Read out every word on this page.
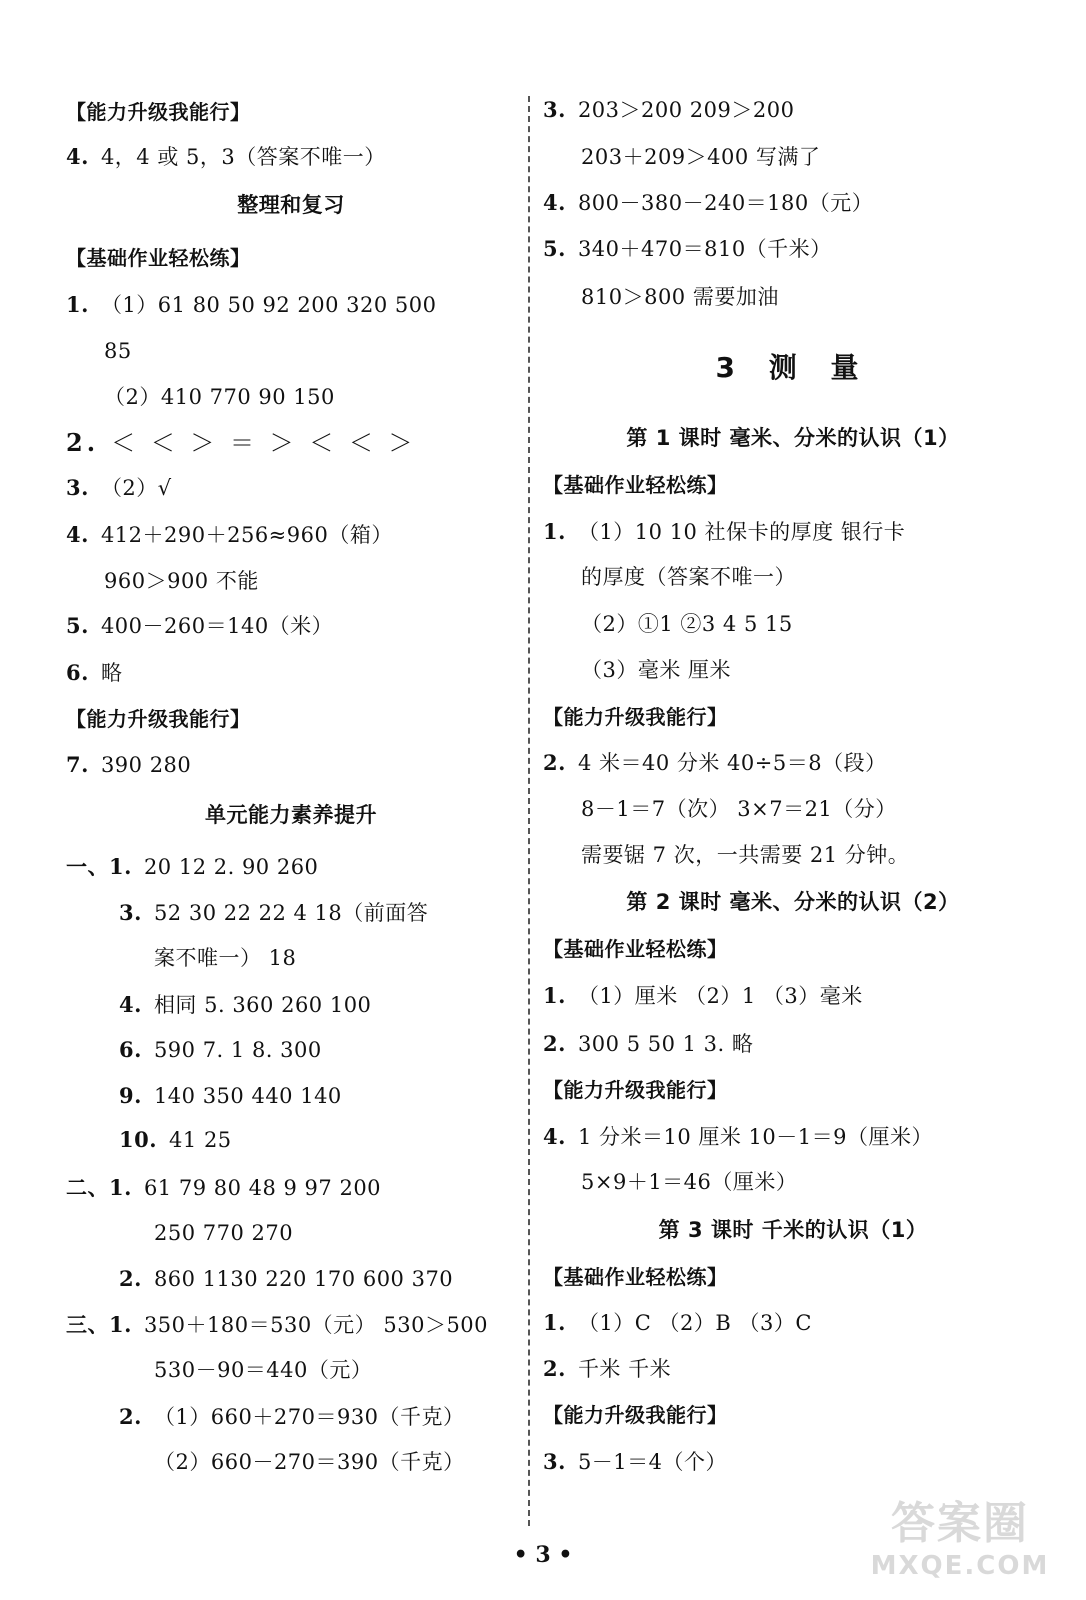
【能力升级我能行】
4. 4，4 或 5，3（答案不唯一）
整理和复习
【基础作业轻松练】
1. （1）61 80 50 92 200 320 500
85
（2）410 770 90 150
2. ＜ ＜ ＞ ＝ ＞ ＜ ＜ ＞
3. （2）√
4. 412＋290＋256≈960（箱）
960＞900 不能
5. 400－260＝140（米）
6. 略
【能力升级我能行】
7. 390 280
单元能力素养提升
一、1. 20 12 2. 90 260
3. 52 30 22 22 4 18（前面答
案不唯一） 18
4. 相同 5. 360 260 100
6. 590 7. 1 8. 300
9. 140 350 440 140
10. 41 25
二、1. 61 79 80 48 9 97 200
250 770 270
2. 860 1130 220 170 600 370
三、1. 350＋180＝530（元） 530＞500
530－90＝440（元）
2. （1）660＋270＝930（千克）
（2）660－270＝390（千克）
3. 203＞200 209＞200
203＋209＞400 写满了
4. 800－380－240＝180（元）
5. 340＋470＝810（千米）
810＞800 需要加油
3 测 量
第 1 课时 毫米、分米的认识（1）
【基础作业轻松练】
1. （1）10 10 社保卡的厚度 银行卡
的厚度（答案不唯一）
（2）①1 ②3 4 5 15
（3）毫米 厘米
【能力升级我能行】
2. 4 米＝40 分米 40÷5＝8（段）
8－1＝7（次） 3×7＝21（分）
需要锯 7 次，一共需要 21 分钟。
第 2 课时 毫米、分米的认识（2）
【基础作业轻松练】
1. （1）厘米 （2）1 （3）毫米
2. 300 5 50 1 3. 略
【能力升级我能行】
4. 1 分米＝10 厘米 10－1＝9（厘米）
5×9＋1＝46（厘米）
第 3 课时 千米的认识（1）
【基础作业轻松练】
1. （1）C （2）B （3）C
2. 千米 千米
【能力升级我能行】
3. 5－1＝4（个）
• 3 •
答案圈
MXQE.COM
